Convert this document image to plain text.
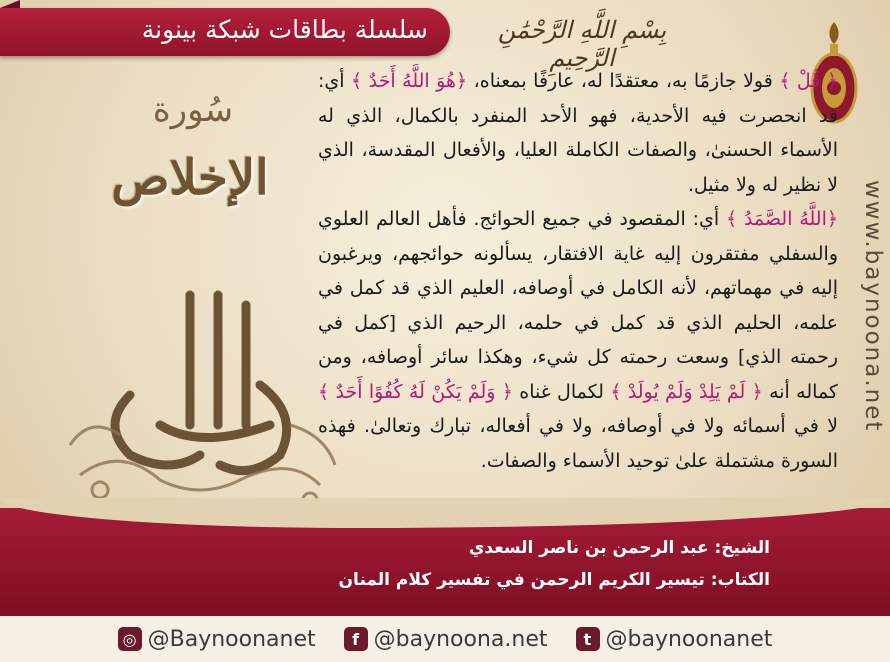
سلسلة بطاقات شبكة بينونة	بِسْمِ اللَّهِ الرَّحْمَٰنِ الرَّحِيمِ
www.baynoona.net
سُورة
الإخلاص

﴿ قُلْ ﴾ قولا جازمًا به، معتقدًا له، عارفًا بمعناه، ﴿هُوَ اللَّهُ أَحَدٌ ﴾ أي: قد انحصرت فيه الأحدية، فهو الأحد المنفرد بالكمال، الذي له الأسماء الحسنىٰ، والصفات الكاملة العليا، والأفعال المقدسة، الذي لا نظير له ولا مثيل.

﴿اللَّهُ الصَّمَدُ ﴾ أي: المقصود في جميع الحوائج. فأهل العالم العلوي والسفلي مفتقرون إليه غاية الافتقار، يسألونه حوائجهم، ويرغبون إليه في مهماتهم، لأنه الكامل في أوصافه، العليم الذي قد كمل في علمه، الحليم الذي قد كمل في حلمه، الرحيم الذي [كمل في رحمته الذي] وسعت رحمته كل شيء، وهكذا سائر أوصافه، ومن كماله أنه ﴿ لَمْ يَلِدْ وَلَمْ يُولَدْ ﴾ لكمال غناه ﴿ وَلَمْ يَكُنْ لَهُ كُفُوًا أَحَدٌ ﴾ لا في أسمائه ولا في أوصافه، ولا في أفعاله، تبارك وتعالىٰ. فهذه السورة مشتملة علىٰ توحيد الأسماء والصفات.

الشيخ: عبد الرحمن بن ناصر السعدي
الكتاب: تيسير الكريم الرحمن في تفسير كلام المنان
◎ @Baynoonanet	f @baynoona.net	t @baynoonanet
